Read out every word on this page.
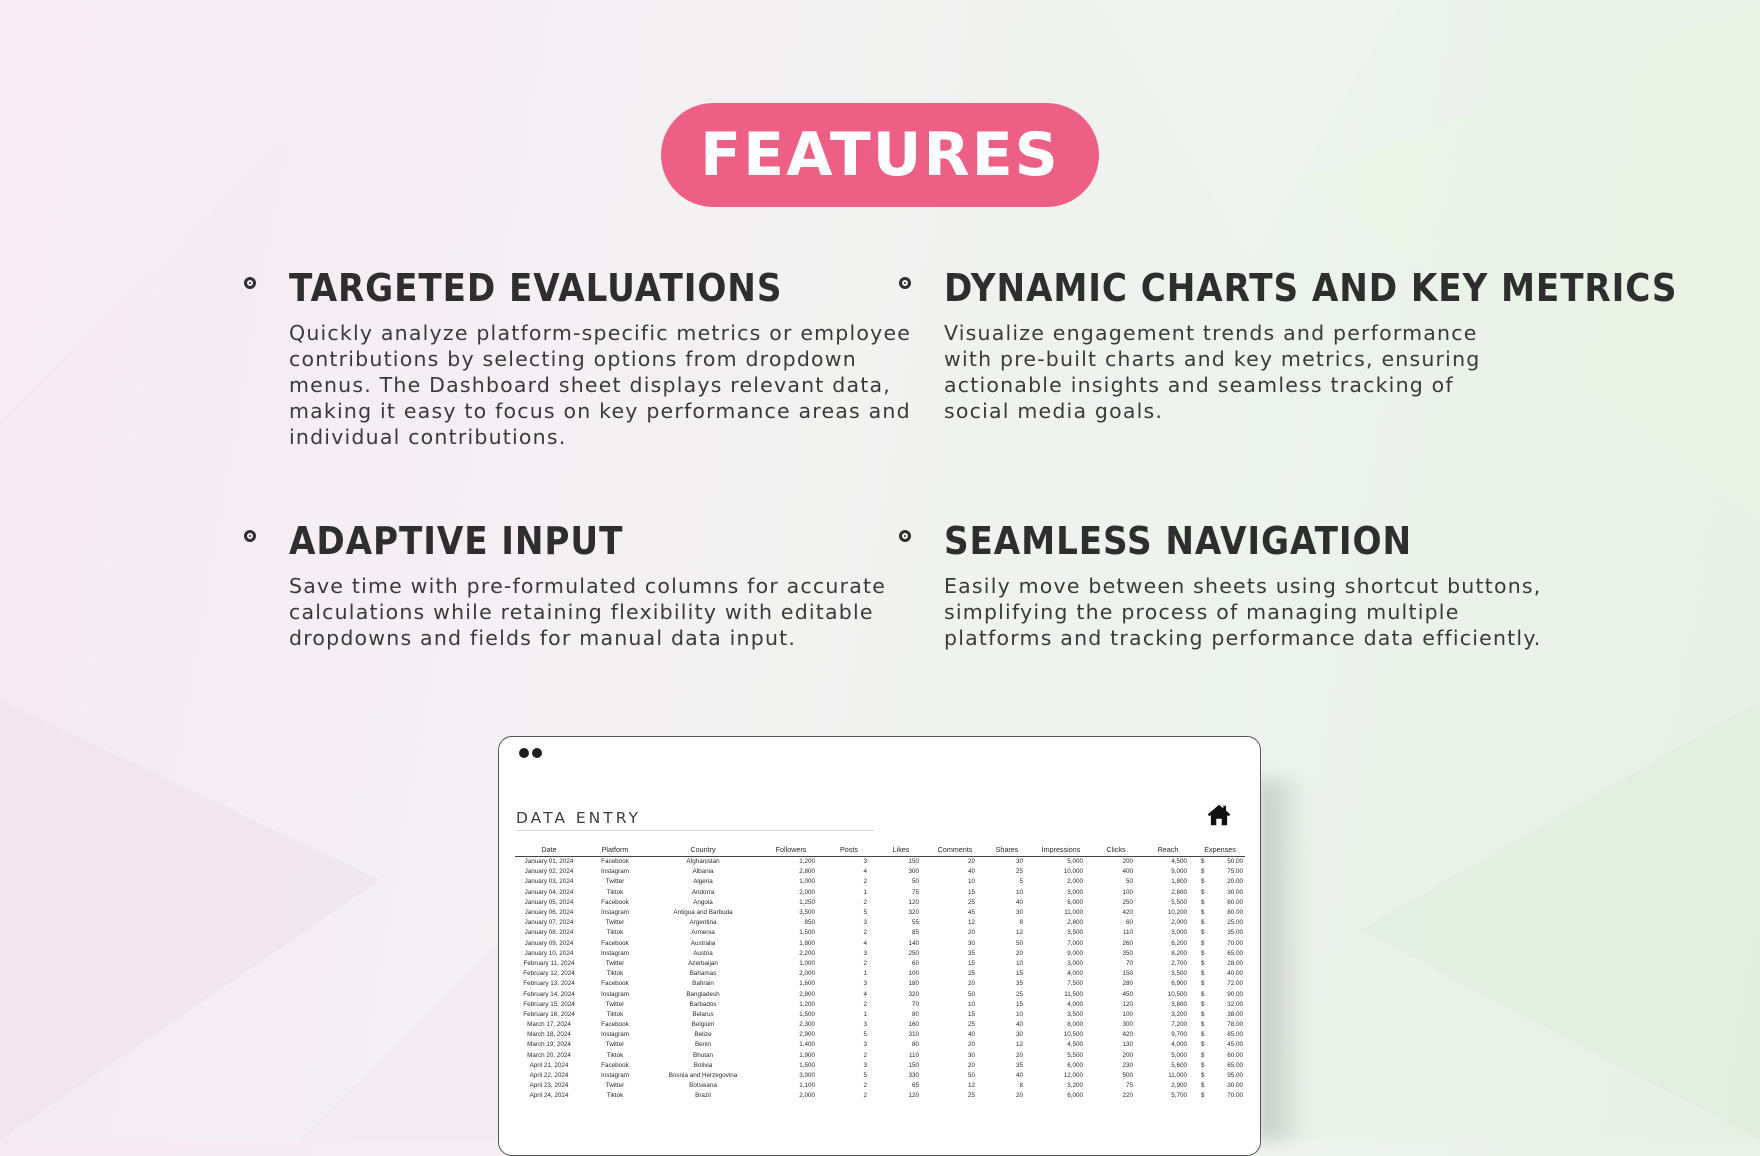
FEATURES
TARGETED EVALUATIONS

Quickly analyze platform-specific metrics or employee contributions by selecting options from dropdown menus. The Dashboard sheet displays relevant data, making it easy to focus on key performance areas and individual contributions.

DYNAMIC CHARTS AND KEY METRICS

Visualize engagement trends and performance with pre-built charts and key metrics, ensuring actionable insights and seamless tracking of social media goals.

ADAPTIVE INPUT

Save time with pre-formulated columns for accurate calculations while retaining flexibility with editable dropdowns and fields for manual data input.

SEAMLESS NAVIGATION

Easily move between sheets using shortcut buttons, simplifying the process of managing multiple platforms and tracking performance data efficiently.

DATA ENTRY
Date	Platform	Country	Followers	Posts	Likes	Comments	Shares	Impressions	Clicks	Reach	Expenses	
January 01, 2024	Facebook	Afghanistan	1,200	3	150	20	30	5,000	200	4,500	$	50.00
January 02, 2024	Instagram	Albania	2,800	4	300	40	25	10,000	400	9,000	$	75.00
January 03, 2024	Twitter	Algeria	1,000	2	50	10	5	2,000	50	1,800	$	20.00
January 04, 2024	Tiktok	Andorra	2,000	1	75	15	10	3,000	100	2,800	$	30.00
January 05, 2024	Facebook	Angola	1,250	2	120	25	40	6,000	250	5,500	$	60.00
January 06, 2024	Instagram	Antigua and Barbuda	3,500	5	320	45	30	11,000	420	10,200	$	80.00
January 07, 2024	Twitter	Argentina	850	3	55	12	8	2,800	60	2,000	$	25.00
January 08, 2024	Tiktok	Armenia	1,500	2	85	20	12	3,500	110	3,000	$	35.00
January 09, 2024	Facebook	Australia	1,800	4	140	30	50	7,000	260	6,200	$	70.00
January 10, 2024	Instagram	Austria	2,200	3	250	35	20	9,000	350	8,200	$	65.00
February 11, 2024	Twitter	Azerbaijan	1,000	2	60	15	10	3,000	70	2,700	$	28.00
February 12, 2024	Tiktok	Bahamas	2,000	1	100	25	15	4,000	150	3,500	$	40.00
February 13, 2024	Facebook	Bahrain	1,600	3	180	20	35	7,500	280	6,900	$	72.00
February 14, 2024	Instagram	Bangladesh	2,800	4	320	50	25	11,500	450	10,500	$	90.00
February 15, 2024	Twitter	Barbados	1,200	2	70	10	15	4,000	120	3,800	$	32.00
February 16, 2024	Tiktok	Belarus	1,500	1	80	15	10	3,500	100	3,200	$	38.00
March 17, 2024	Facebook	Belgium	2,300	3	160	25	40	8,000	300	7,200	$	78.00
March 18, 2024	Instagram	Belize	2,900	5	310	40	30	10,500	420	9,700	$	85.00
March 19, 2024	Twitter	Benin	1,400	3	80	20	12	4,500	130	4,000	$	45.00
March 20, 2024	Tiktok	Bhutan	1,900	2	110	30	20	5,500	200	5,000	$	60.00
April 21, 2024	Facebook	Bolivia	1,500	3	150	20	35	6,000	230	5,600	$	65.00
April 22, 2024	Instagram	Bosnia and Herzegovina	3,000	5	330	50	40	12,000	500	11,000	$	95.00
April 23, 2024	Twitter	Botswana	1,100	2	65	12	8	3,200	75	2,900	$	30.00
April 24, 2024	Tiktok	Brazil	2,000	2	120	25	20	6,000	220	5,700	$	70.00
